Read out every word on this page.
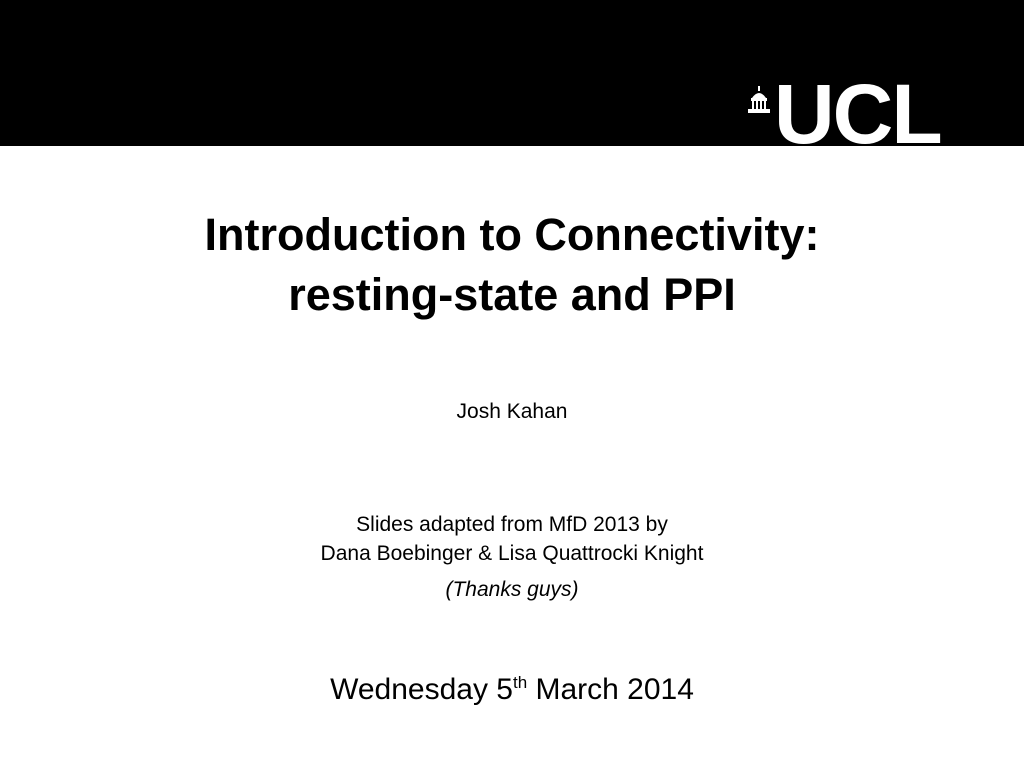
UCL
Introduction to Connectivity:
resting-state and PPI
Josh Kahan
Slides adapted from MfD 2013 by
Dana Boebinger & Lisa Quattrocki Knight
(Thanks guys)
Wednesday 5th March 2014
